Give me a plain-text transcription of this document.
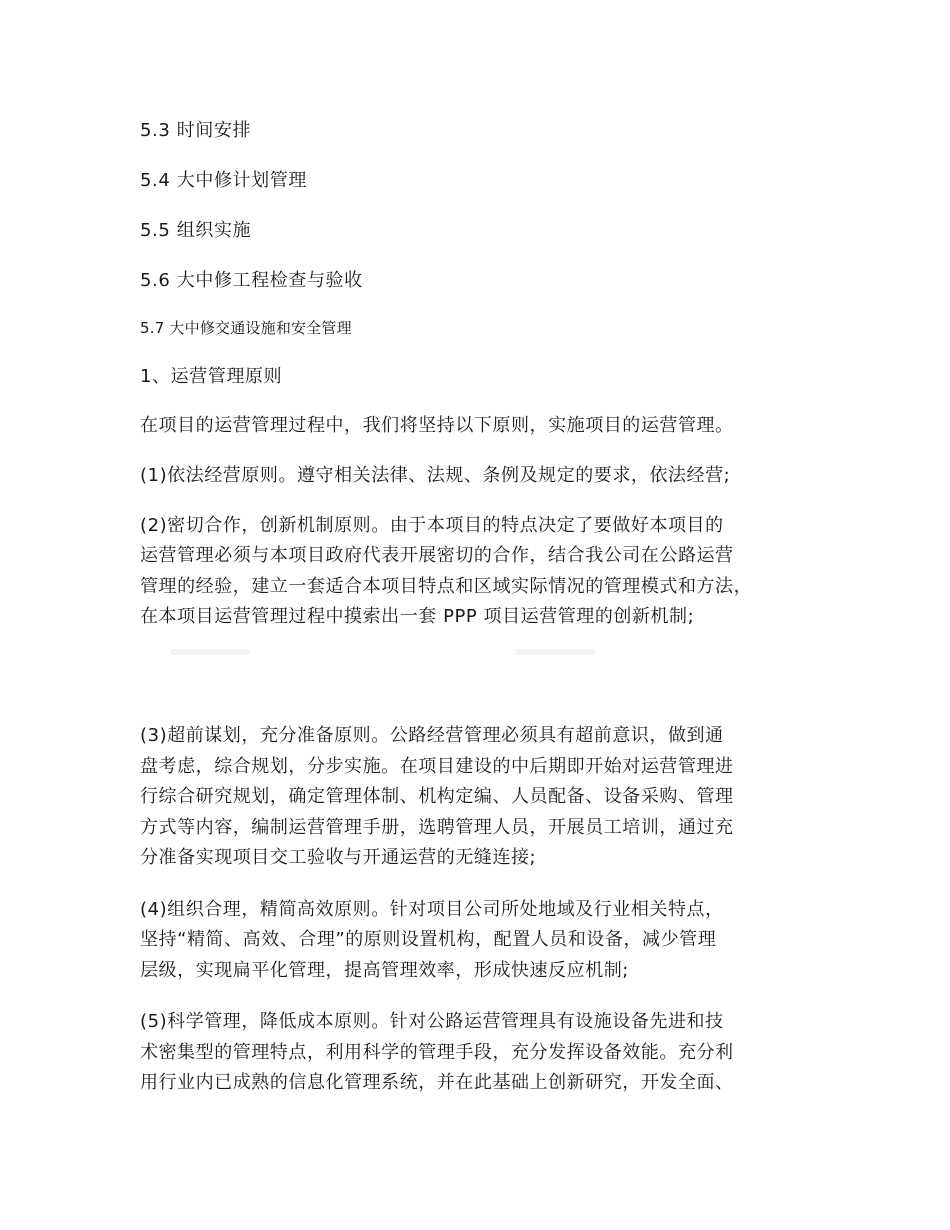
5.3 时间安排
5.4 大中修计划管理
5.5 组织实施
5.6 大中修工程检查与验收
5.7 大中修交通设施和安全管理
1、运营管理原则
在项目的运营管理过程中，我们将坚持以下原则，实施项目的运营管理。
(1)依法经营原则。遵守相关法律、法规、条例及规定的要求，依法经营;
(2)密切合作，创新机制原则。由于本项目的特点决定了要做好本项目的
运营管理必须与本项目政府代表开展密切的合作，结合我公司在公路运营
管理的经验，建立一套适合本项目特点和区域实际情况的管理模式和方法，
在本项目运营管理过程中摸索出一套 PPP 项目运营管理的创新机制;
(3)超前谋划，充分准备原则。公路经营管理必须具有超前意识，做到通
盘考虑，综合规划，分步实施。在项目建设的中后期即开始对运营管理进
行综合研究规划，确定管理体制、机构定编、人员配备、设备采购、管理
方式等内容，编制运营管理手册，选聘管理人员，开展员工培训，通过充
分准备实现项目交工验收与开通运营的无缝连接;
(4)组织合理，精简高效原则。针对项目公司所处地域及行业相关特点，
坚持“精简、高效、合理”的原则设置机构，配置人员和设备，减少管理
层级，实现扁平化管理，提高管理效率，形成快速反应机制;
(5)科学管理，降低成本原则。针对公路运营管理具有设施设备先进和技
术密集型的管理特点，利用科学的管理手段，充分发挥设备效能。充分利
用行业内已成熟的信息化管理系统，并在此基础上创新研究，开发全面、
